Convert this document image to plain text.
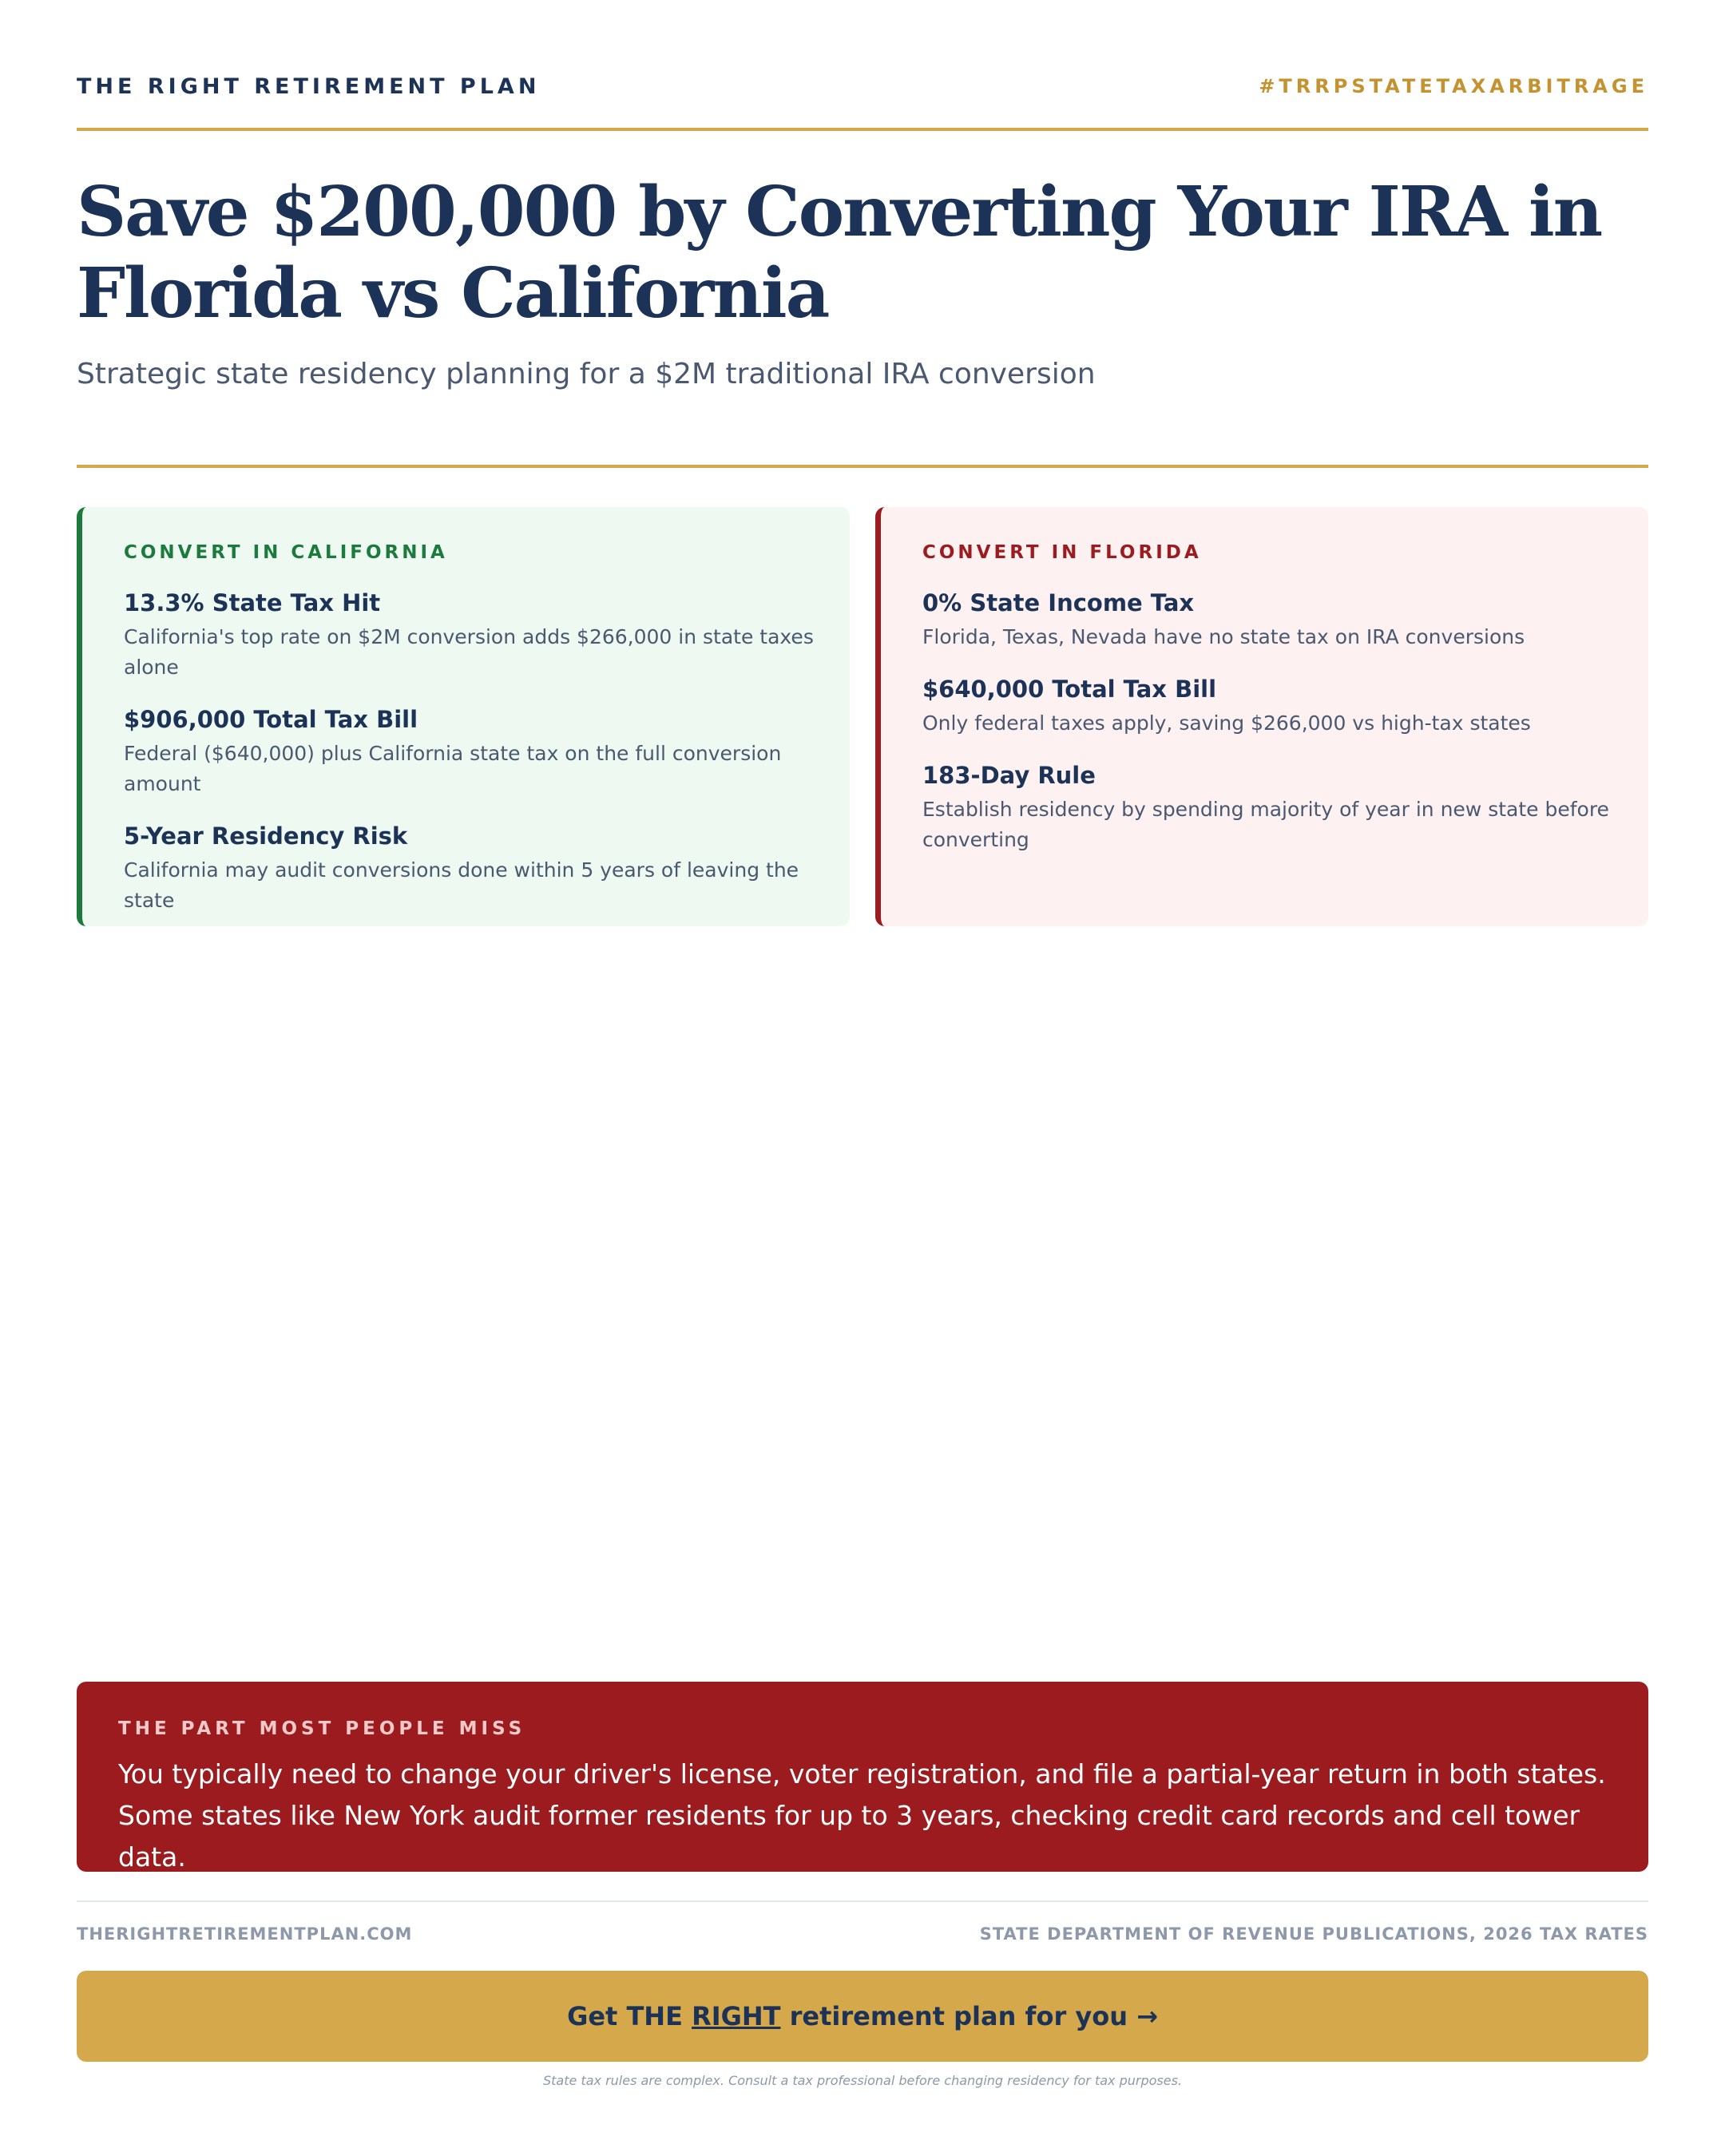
THE RIGHT RETIREMENT PLAN	#TRRPSTATETAXARBITRAGE
Save $200,000 by Converting Your IRA in Florida vs California
Strategic state residency planning for a $2M traditional IRA conversion
CONVERT IN CALIFORNIA
13.3% State Tax Hit
California's top rate on $2M conversion adds $266,000 in state taxes alone
$906,000 Total Tax Bill
Federal ($640,000) plus California state tax on the full conversion amount
5-Year Residency Risk
California may audit conversions done within 5 years of leaving the state
CONVERT IN FLORIDA
0% State Income Tax
Florida, Texas, Nevada have no state tax on IRA conversions
$640,000 Total Tax Bill
Only federal taxes apply, saving $266,000 vs high-tax states
183-Day Rule
Establish residency by spending majority of year in new state before converting
THE PART MOST PEOPLE MISS
You typically need to change your driver's license, voter registration, and file a partial-year return in both states. Some states like New York audit former residents for up to 3 years, checking credit card records and cell tower data.
THERIGHTRETIREMENTPLAN.COM	STATE DEPARTMENT OF REVENUE PUBLICATIONS, 2026 TAX RATES
Get THE RIGHT retirement plan for you →
State tax rules are complex. Consult a tax professional before changing residency for tax purposes.
